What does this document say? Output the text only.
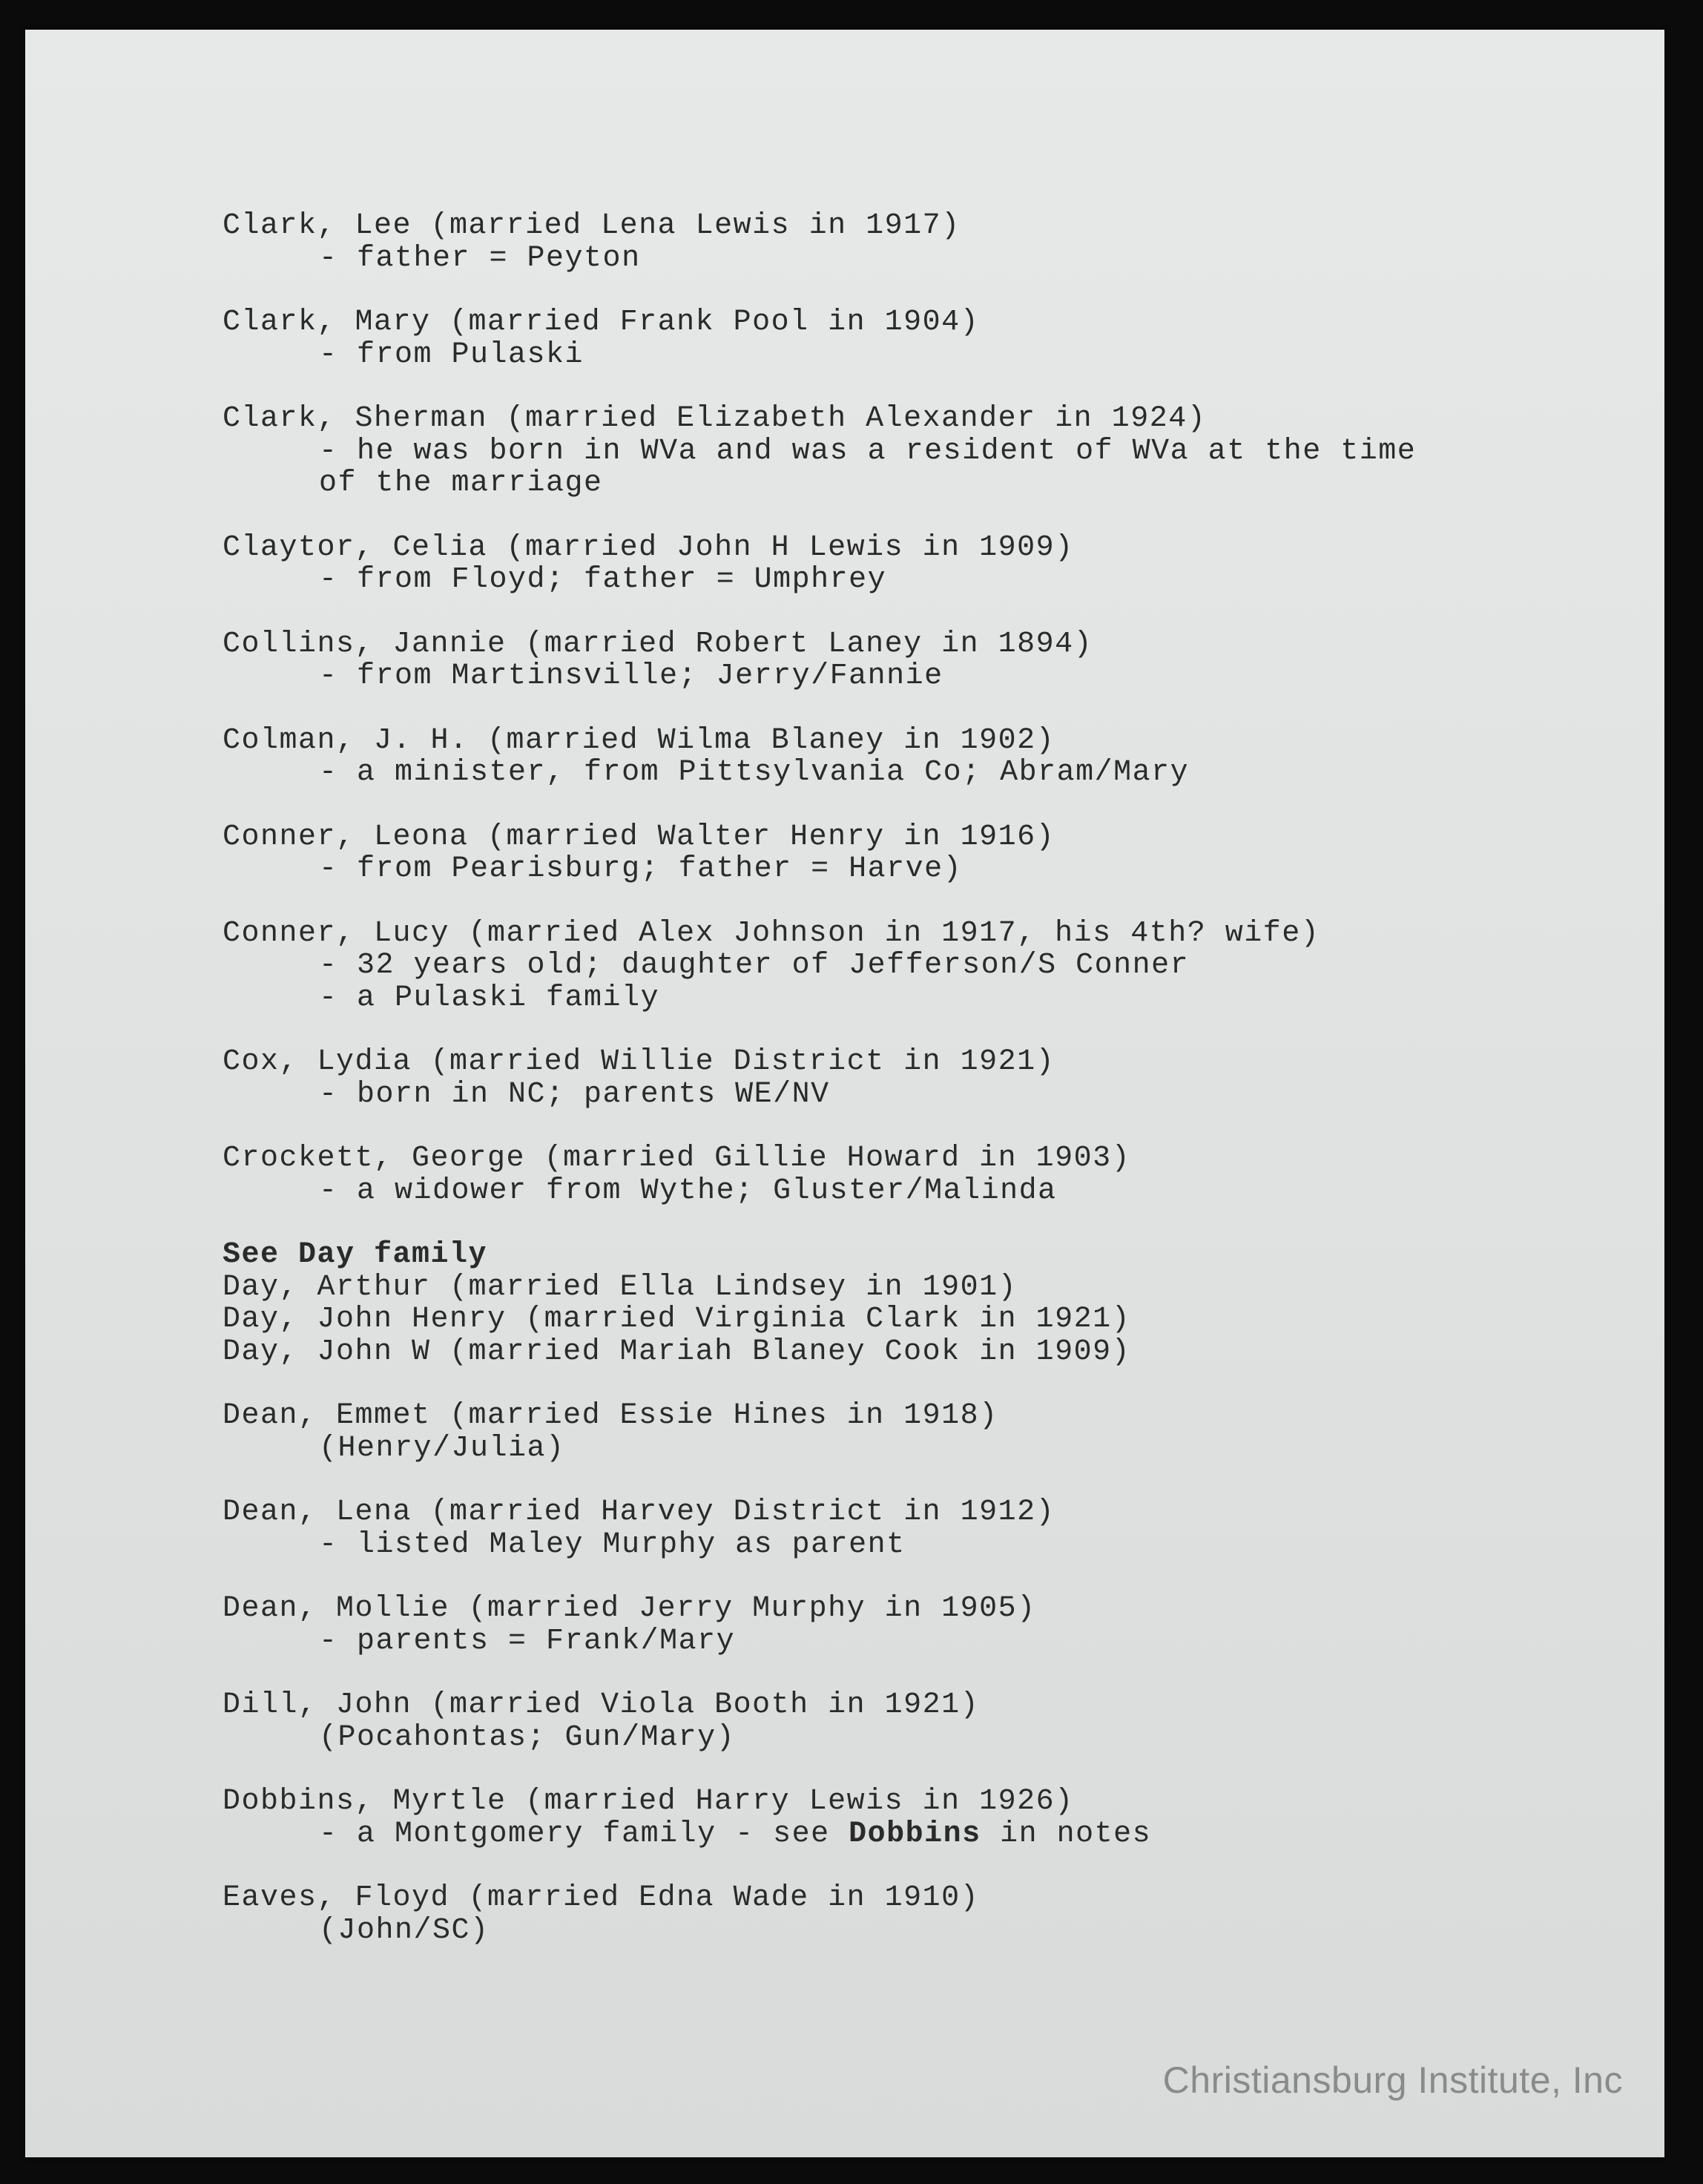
Clark, Lee (married Lena Lewis in 1917)
- father = Peyton
Clark, Mary (married Frank Pool in 1904)
- from Pulaski
Clark, Sherman (married Elizabeth Alexander in 1924)
- he was born in WVa and was a resident of WVa at the time
of the marriage
Claytor, Celia (married John H Lewis in 1909)
- from Floyd; father = Umphrey
Collins, Jannie (married Robert Laney in 1894)
- from Martinsville; Jerry/Fannie
Colman, J. H. (married Wilma Blaney in 1902)
- a minister, from Pittsylvania Co; Abram/Mary
Conner, Leona (married Walter Henry in 1916)
- from Pearisburg; father = Harve)
Conner, Lucy (married Alex Johnson in 1917, his 4th? wife)
- 32 years old; daughter of Jefferson/S Conner
- a Pulaski family
Cox, Lydia (married Willie District in 1921)
- born in NC; parents WE/NV
Crockett, George (married Gillie Howard in 1903)
- a widower from Wythe; Gluster/Malinda
See Day family
Day, Arthur (married Ella Lindsey in 1901)
Day, John Henry (married Virginia Clark in 1921)
Day, John W (married Mariah Blaney Cook in 1909)
Dean, Emmet (married Essie Hines in 1918)
(Henry/Julia)
Dean, Lena (married Harvey District in 1912)
- listed Maley Murphy as parent
Dean, Mollie (married Jerry Murphy in 1905)
- parents = Frank/Mary
Dill, John (married Viola Booth in 1921)
(Pocahontas; Gun/Mary)
Dobbins, Myrtle (married Harry Lewis in 1926)
- a Montgomery family - see Dobbins in notes
Eaves, Floyd (married Edna Wade in 1910)
(John/SC)
Christiansburg Institute, Inc
